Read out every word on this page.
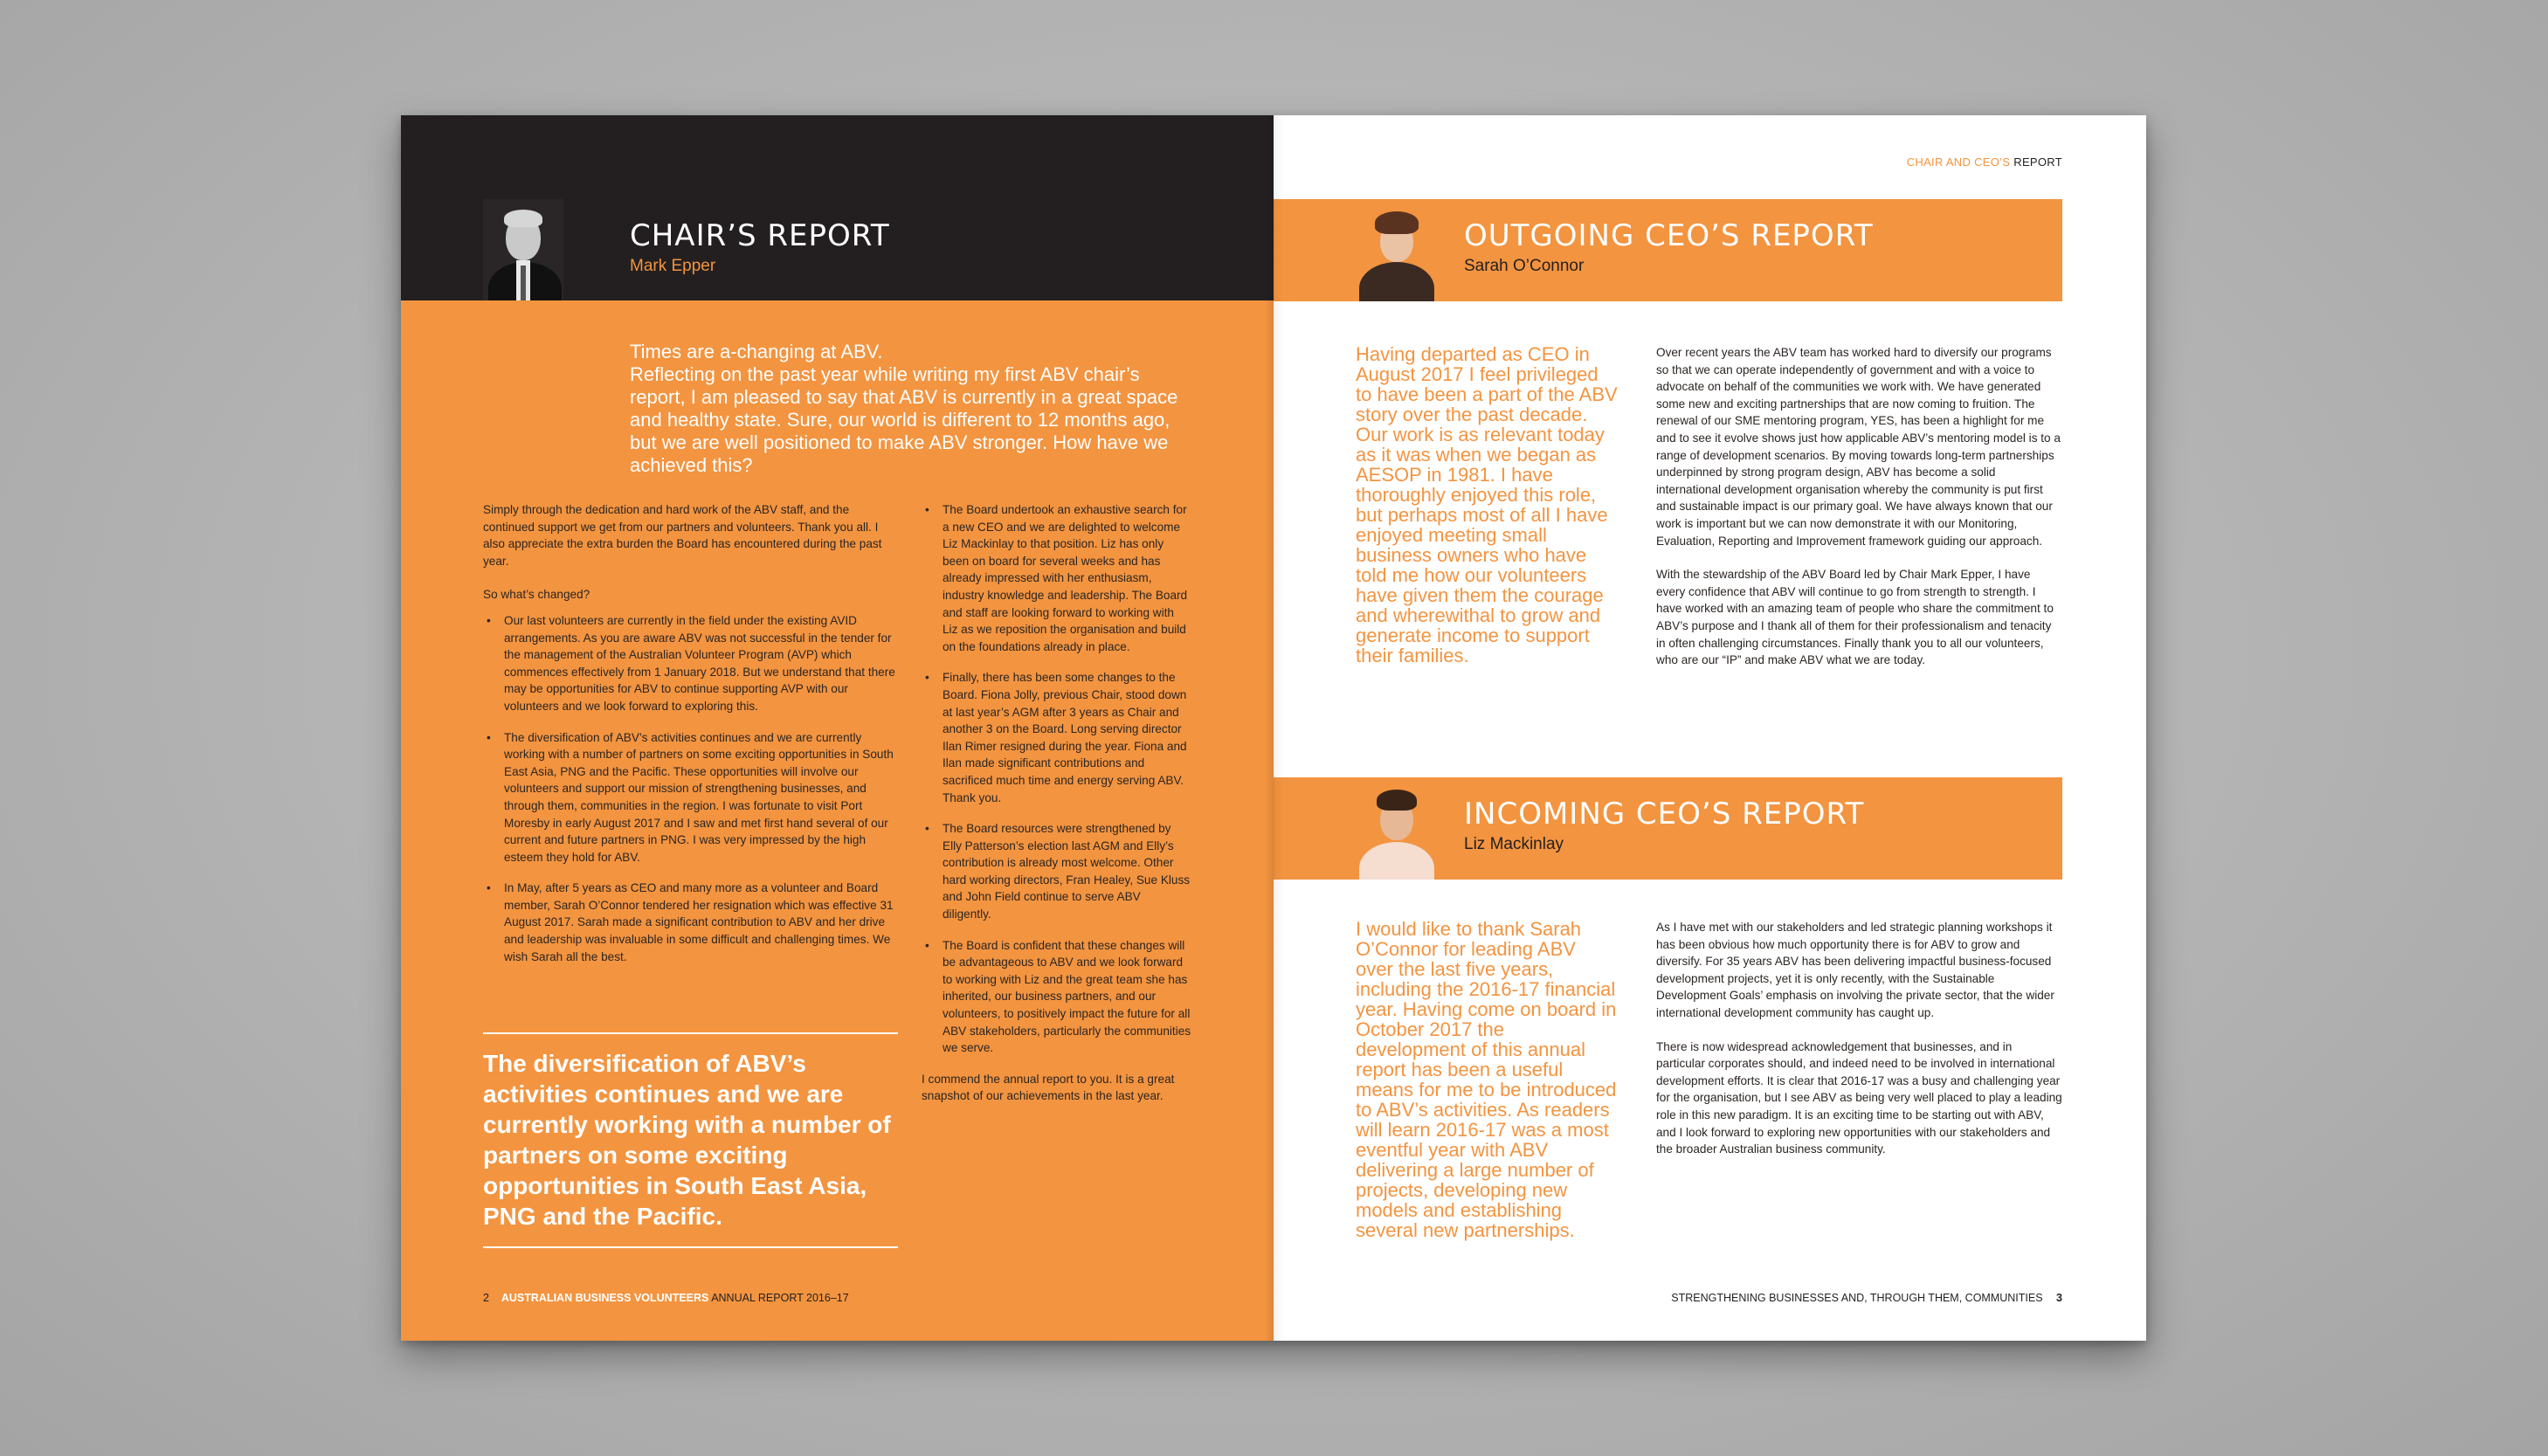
CHAIR’S REPORT
Mark Epper

Times are a-changing at ABV.

Reflecting on the past year while writing my first ABV chair’s report, I am pleased to say that ABV is currently in a great space and healthy state. Sure, our world is different to 12 months ago, but we are well positioned to make ABV stronger. How have we achieved this?

Simply through the dedication and hard work of the ABV staff, and the continued support we get from our partners and volunteers. Thank you all. I also appreciate the extra burden the Board has encountered during the past year.

So what’s changed?

• Our last volunteers are currently in the field under the existing AVID arrangements. As you are aware ABV was not successful in the tender for the management of the Australian Volunteer Program (AVP) which commences effectively from 1 January 2018. But we understand that there may be opportunities for ABV to continue supporting AVP with our volunteers and we look forward to exploring this.
• The diversification of ABV’s activities continues and we are currently working with a number of partners on some exciting opportunities in South East Asia, PNG and the Pacific. These opportunities will involve our volunteers and support our mission of strengthening businesses, and through them, communities in the region. I was fortunate to visit Port Moresby in early August 2017 and I saw and met first hand several of our current and future partners in PNG. I was very impressed by the high esteem they hold for ABV.
• In May, after 5 years as CEO and many more as a volunteer and Board member, Sarah O’Connor tendered her resignation which was effective 31 August 2017. Sarah made a significant contribution to ABV and her drive and leadership was invaluable in some difficult and challenging times. We wish Sarah all the best.
• The Board undertook an exhaustive search for a new CEO and we are delighted to welcome Liz Mackinlay to that position. Liz has only been on board for several weeks and has already impressed with her enthusiasm, industry knowledge and leadership. The Board and staff are looking forward to working with Liz as we reposition the organisation and build on the foundations already in place.
• Finally, there has been some changes to the Board. Fiona Jolly, previous Chair, stood down at last year’s AGM after 3 years as Chair and another 3 on the Board. Long serving director Ilan Rimer resigned during the year. Fiona and Ilan made significant contributions and sacrificed much time and energy serving ABV. Thank you.
• The Board resources were strengthened by Elly Patterson’s election last AGM and Elly’s contribution is already most welcome. Other hard working directors, Fran Healey, Sue Kluss and John Field continue to serve ABV diligently.
• The Board is confident that these changes will be advantageous to ABV and we look forward to working with Liz and the great team she has inherited, our business partners, and our volunteers, to positively impact the future for all ABV stakeholders, particularly the communities we serve.

I commend the annual report to you. It is a great snapshot of our achievements in the last year.

The diversification of ABV’s activities continues and we are currently working with a number of partners on some exciting opportunities in South East Asia, PNG and the Pacific.
2 AUSTRALIAN BUSINESS VOLUNTEERS ANNUAL REPORT 2016–17
CHAIR AND CEO’S REPORT
OUTGOING CEO’S REPORT
Sarah O’Connor
Having departed as CEO in August 2017 I feel privileged to have been a part of the ABV story over the past decade. Our work is as relevant today as it was when we began as AESOP in 1981. I have thoroughly enjoyed this role, but perhaps most of all I have enjoyed meeting small business owners who have told me how our volunteers have given them the courage and wherewithal to grow and generate income to support their families.

Over recent years the ABV team has worked hard to diversify our programs so that we can operate independently of government and with a voice to advocate on behalf of the communities we work with. We have generated some new and exciting partnerships that are now coming to fruition. The renewal of our SME mentoring program, YES, has been a highlight for me and to see it evolve shows just how applicable ABV’s mentoring model is to a range of development scenarios. By moving towards long-term partnerships underpinned by strong program design, ABV has become a solid international development organisation whereby the community is put first and sustainable impact is our primary goal. We have always known that our work is important but we can now demonstrate it with our Monitoring, Evaluation, Reporting and Improvement framework guiding our approach.

With the stewardship of the ABV Board led by Chair Mark Epper, I have every confidence that ABV will continue to go from strength to strength. I have worked with an amazing team of people who share the commitment to ABV’s purpose and I thank all of them for their professionalism and tenacity in often challenging circumstances. Finally thank you to all our volunteers, who are our “IP” and make ABV what we are today.

INCOMING CEO’S REPORT
Liz Mackinlay
I would like to thank Sarah O’Connor for leading ABV over the last five years, including the 2016-17 financial year. Having come on board in October 2017 the development of this annual report has been a useful means for me to be introduced to ABV’s activities. As readers will learn 2016-17 was a most eventful year with ABV delivering a large number of projects, developing new models and establishing several new partnerships.

As I have met with our stakeholders and led strategic planning workshops it has been obvious how much opportunity there is for ABV to grow and diversify. For 35 years ABV has been delivering impactful business-focused development projects, yet it is only recently, with the Sustainable Development Goals’ emphasis on involving the private sector, that the wider international development community has caught up.

There is now widespread acknowledgement that businesses, and in particular corporates should, and indeed need to be involved in international development efforts. It is clear that 2016-17 was a busy and challenging year for the organisation, but I see ABV as being very well placed to play a leading role in this new paradigm. It is an exciting time to be starting out with ABV, and I look forward to exploring new opportunities with our stakeholders and the broader Australian business community.

STRENGTHENING BUSINESSES AND, THROUGH THEM, COMMUNITIES 3
